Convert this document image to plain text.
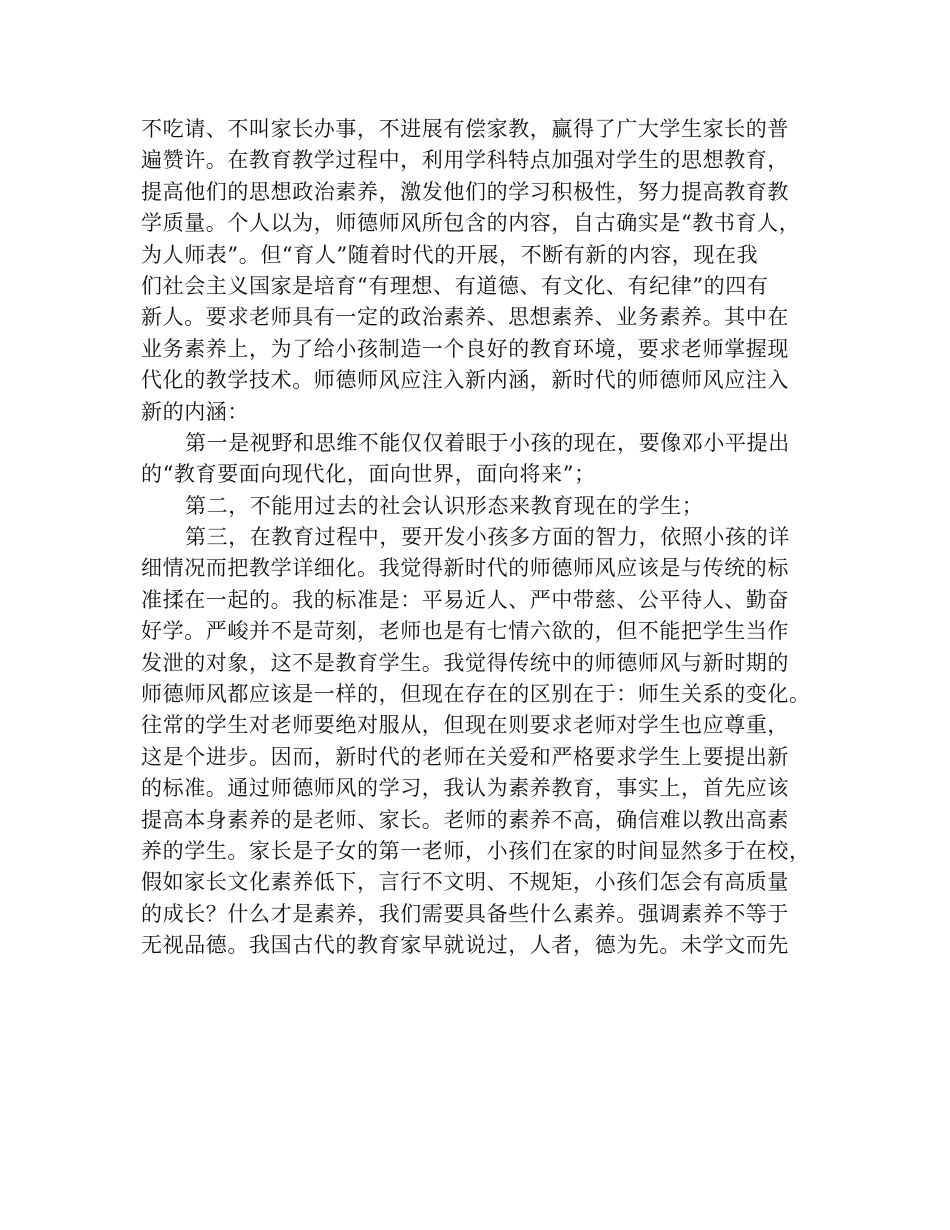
不吃请、不叫家长办事，不进展有偿家教，赢得了广大学生家长的普
遍赞许。在教育教学过程中，利用学科特点加强对学生的思想教育，
提高他们的思想政治素养，激发他们的学习积极性，努力提高教育教
学质量。个人以为，师德师风所包含的内容，自古确实是“教书育人，
为人师表”。但“育人”随着时代的开展，不断有新的内容，现在我
们社会主义国家是培育“有理想、有道德、有文化、有纪律”的四有
新人。要求老师具有一定的政治素养、思想素养、业务素养。其中在
业务素养上，为了给小孩制造一个良好的教育环境，要求老师掌握现
代化的教学技术。师德师风应注入新内涵，新时代的师德师风应注入
新的内涵：
第一是视野和思维不能仅仅着眼于小孩的现在，要像邓小平提出
的“教育要面向现代化，面向世界，面向将来”；
第二，不能用过去的社会认识形态来教育现在的学生；
第三，在教育过程中，要开发小孩多方面的智力，依照小孩的详
细情况而把教学详细化。我觉得新时代的师德师风应该是与传统的标
准揉在一起的。我的标准是：平易近人、严中带慈、公平待人、勤奋
好学。严峻并不是苛刻，老师也是有七情六欲的，但不能把学生当作
发泄的对象，这不是教育学生。我觉得传统中的师德师风与新时期的
师德师风都应该是一样的，但现在存在的区别在于：师生关系的变化。
往常的学生对老师要绝对服从，但现在则要求老师对学生也应尊重，
这是个进步。因而，新时代的老师在关爱和严格要求学生上要提出新
的标准。通过师德师风的学习，我认为素养教育，事实上，首先应该
提高本身素养的是老师、家长。老师的素养不高，确信难以教出高素
养的学生。家长是子女的第一老师，小孩们在家的时间显然多于在校，
假如家长文化素养低下，言行不文明、不规矩，小孩们怎会有高质量
的成长？什么才是素养，我们需要具备些什么素养。强调素养不等于
无视品德。我国古代的教育家早就说过，人者，德为先。未学文而先
